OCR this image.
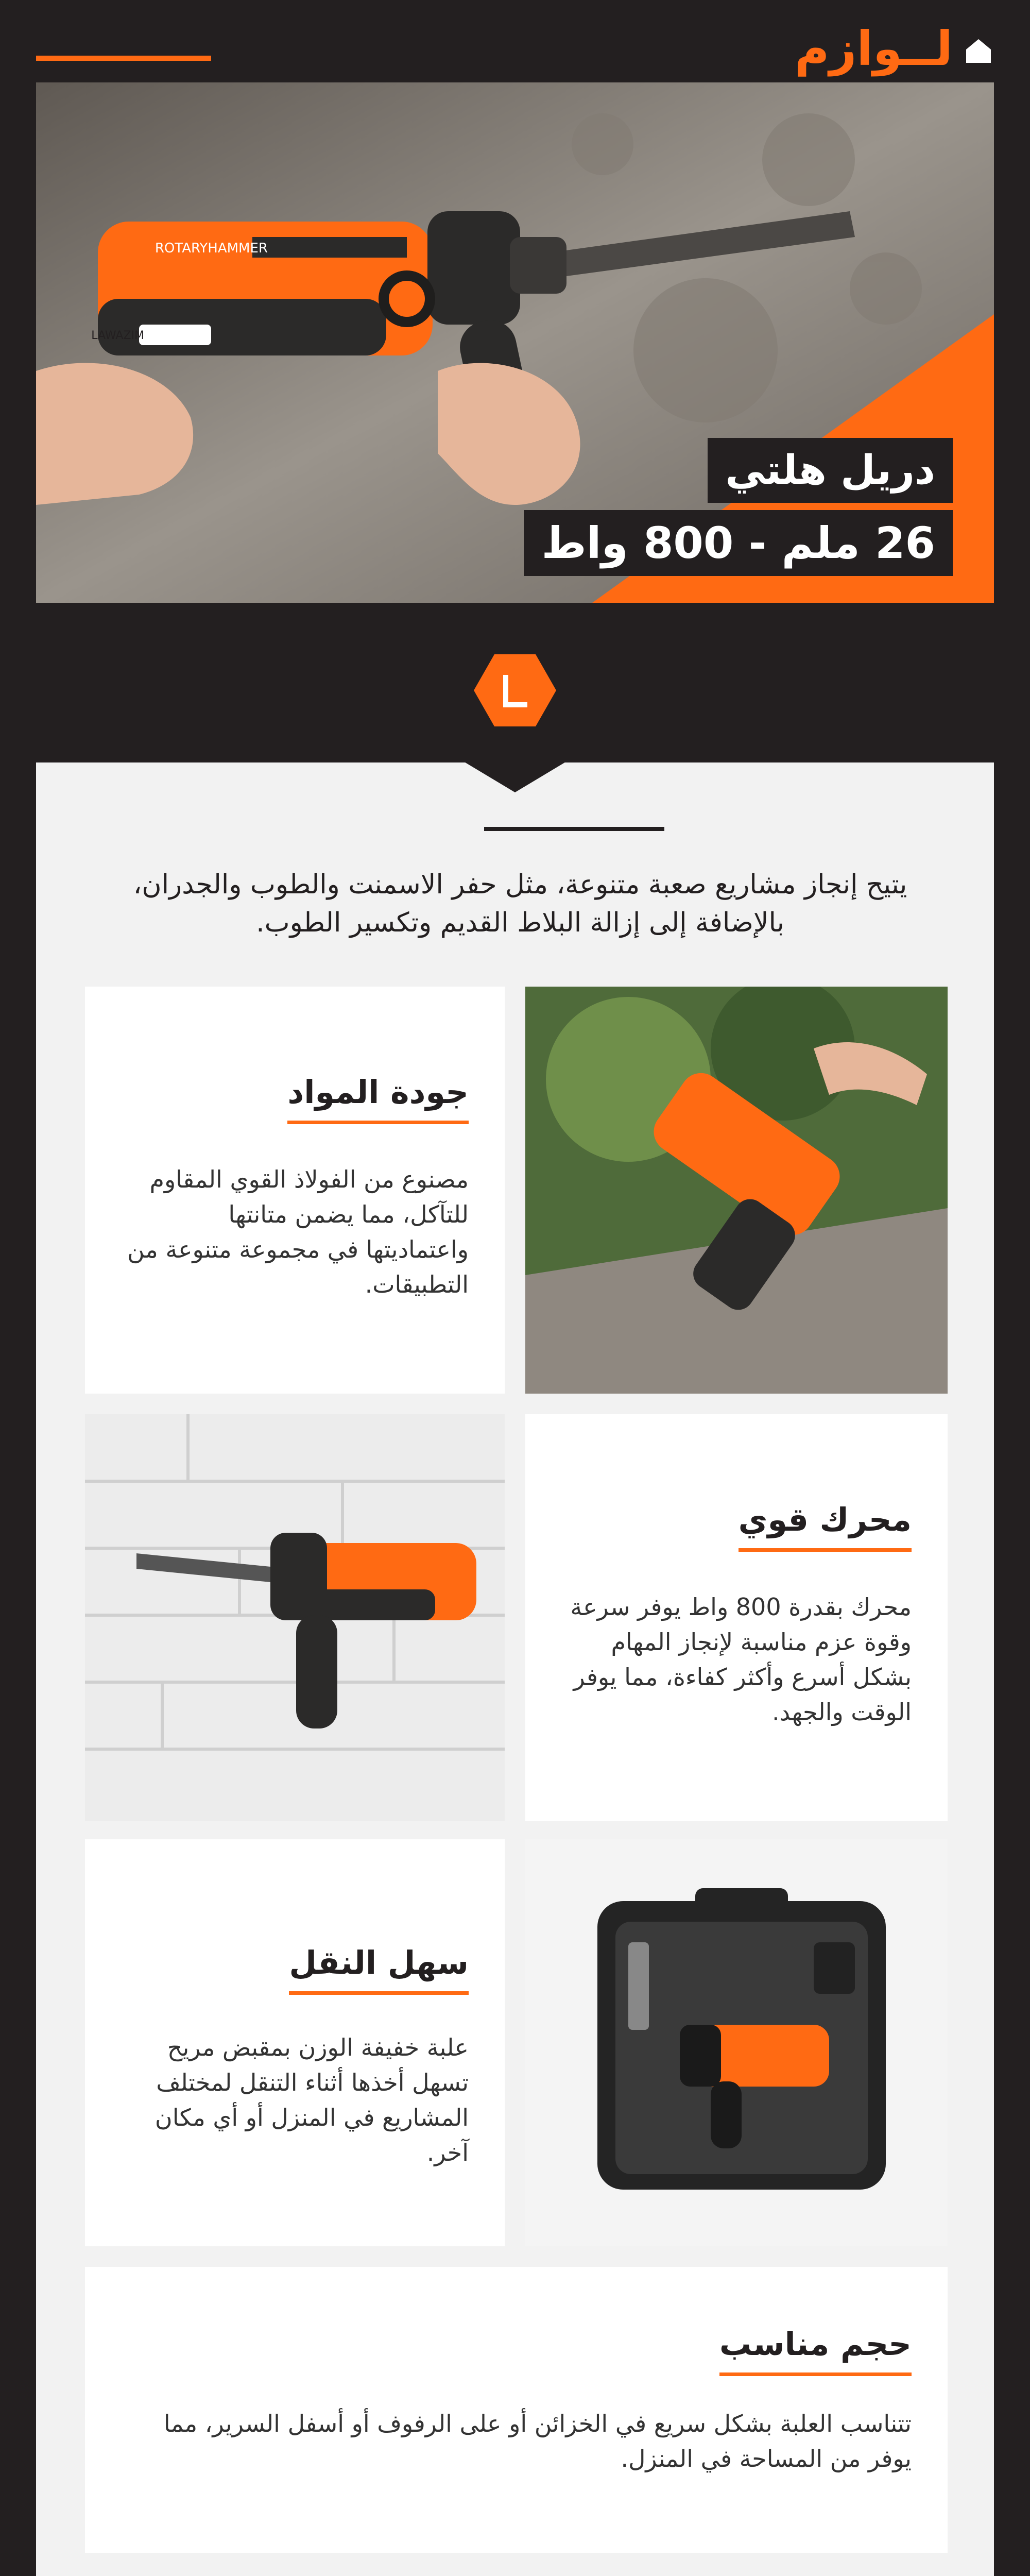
لــوازم
ROTARYHAMMER
LAWAZIM
دريل هلتي
26 ملم - 800 واط
يتيح إنجاز مشاريع صعبة متنوعة، مثل حفر الاسمنت والطوب والجدران، بالإضافة إلى إزالة البلاط القديم وتكسير الطوب.
جودة المواد
مصنوع من الفولاذ القوي المقاوم للتآكل، مما يضمن متانتها واعتماديتها في مجموعة متنوعة من التطبيقات.
محرك قوي
محرك بقدرة 800 واط يوفر سرعة وقوة عزم مناسبة لإنجاز المهام بشكل أسرع وأكثر كفاءة، مما يوفر الوقت والجهد.
سهل النقل
علبة خفيفة الوزن بمقبض مريح تسهل أخذها أثناء التنقل لمختلف المشاريع في المنزل أو أي مكان آخر.
حجم مناسب
تتناسب العلبة بشكل سريع في الخزائن أو على الرفوف أو أسفل السرير، مما يوفر من المساحة في المنزل.
